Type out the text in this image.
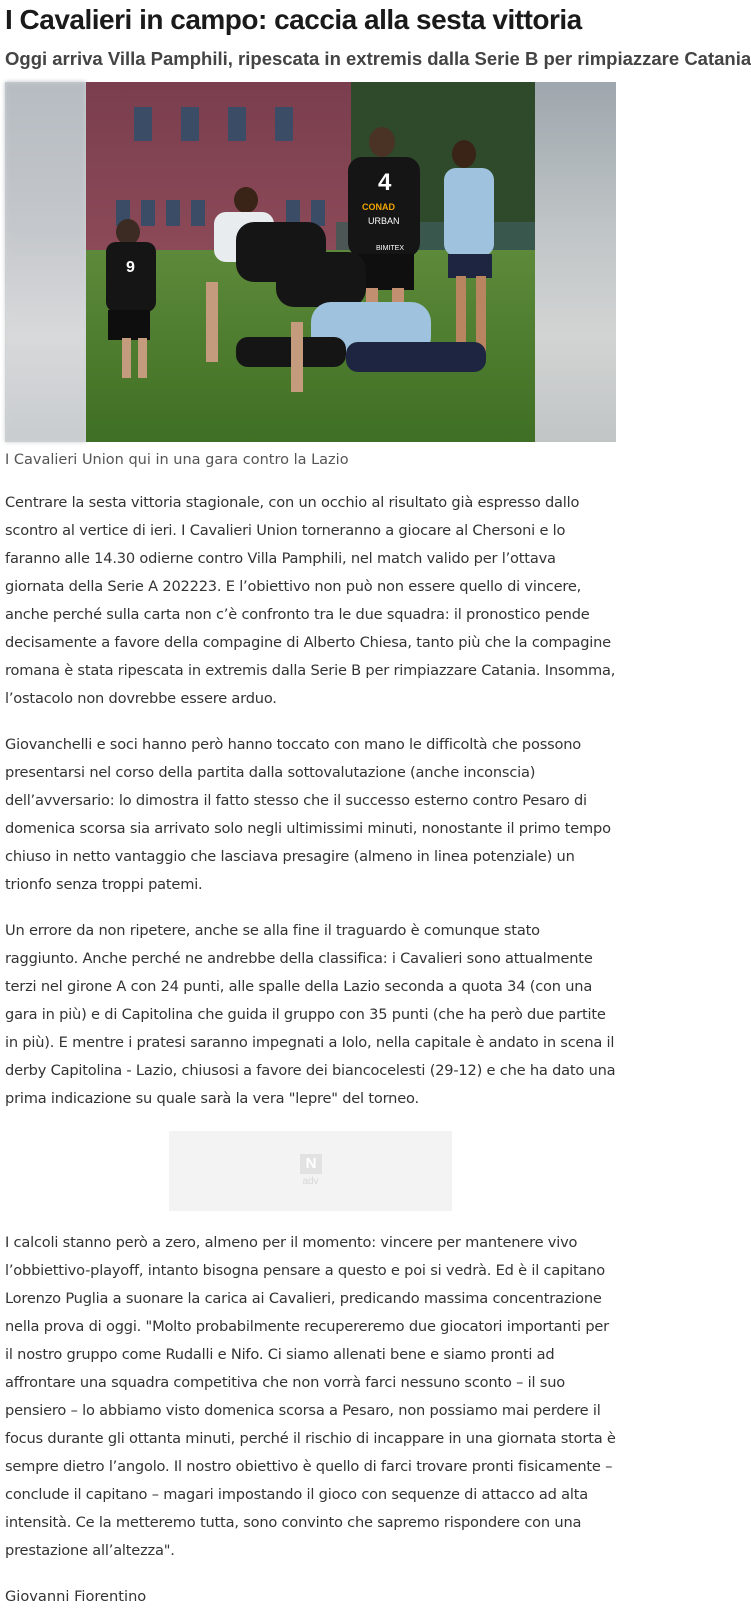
I Cavalieri in campo: caccia alla sesta vittoria
Oggi arriva Villa Pamphili, ripescata in extremis dalla Serie B per rimpiazzare Catania
9
4
CONAD
URBAN
BIMITEX
I Cavalieri Union qui in una gara contro la Lazio

Centrare la sesta vittoria stagionale, con un occhio al risultato già espresso dallo scontro al vertice di ieri. I Cavalieri Union torneranno a giocare al Chersoni e lo faranno alle 14.30 odierne contro Villa Pamphili, nel match valido per l’ottava giornata della Serie A 202223. E l’obiettivo non può non essere quello di vincere, anche perché sulla carta non c’è confronto tra le due squadra: il pronostico pende decisamente a favore della compagine di Alberto Chiesa, tanto più che la compagine romana è stata ripescata in extremis dalla Serie B per rimpiazzare Catania. Insomma, l’ostacolo non dovrebbe essere arduo.

Giovanchelli e soci hanno però hanno toccato con mano le difficoltà che possono presentarsi nel corso della partita dalla sottovalutazione (anche inconscia) dell’avversario: lo dimostra il fatto stesso che il successo esterno contro Pesaro di domenica scorsa sia arrivato solo negli ultimissimi minuti, nonostante il primo tempo chiuso in netto vantaggio che lasciava presagire (almeno in linea potenziale) un trionfo senza troppi patemi.

Un errore da non ripetere, anche se alla fine il traguardo è comunque stato raggiunto. Anche perché ne andrebbe della classifica: i Cavalieri sono attualmente terzi nel girone A con 24 punti, alle spalle della Lazio seconda a quota 34 (con una gara in più) e di Capitolina che guida il gruppo con 35 punti (che ha però due partite in più). E mentre i pratesi saranno impegnati a Iolo, nella capitale è andato in scena il derby Capitolina - Lazio, chiusosi a favore dei biancocelesti (29-12) e che ha dato una prima indicazione su quale sarà la vera "lepre" del torneo.

N
adv

I calcoli stanno però a zero, almeno per il momento: vincere per mantenere vivo l’obbiettivo-playoff, intanto bisogna pensare a questo e poi si vedrà. Ed è il capitano Lorenzo Puglia a suonare la carica ai Cavalieri, predicando massima concentrazione nella prova di oggi. "Molto probabilmente recupereremo due giocatori importanti per il nostro gruppo come Rudalli e Nifo. Ci siamo allenati bene e siamo pronti ad affrontare una squadra competitiva che non vorrà farci nessuno sconto – il suo pensiero – lo abbiamo visto domenica scorsa a Pesaro, non possiamo mai perdere il focus durante gli ottanta minuti, perché il rischio di incappare in una giornata storta è sempre dietro l’angolo. Il nostro obiettivo è quello di farci trovare pronti fisicamente – conclude il capitano – magari impostando il gioco con sequenze di attacco ad alta intensità. Ce la metteremo tutta, sono convinto che sapremo rispondere con una prestazione all’altezza".

Giovanni Fiorentino
